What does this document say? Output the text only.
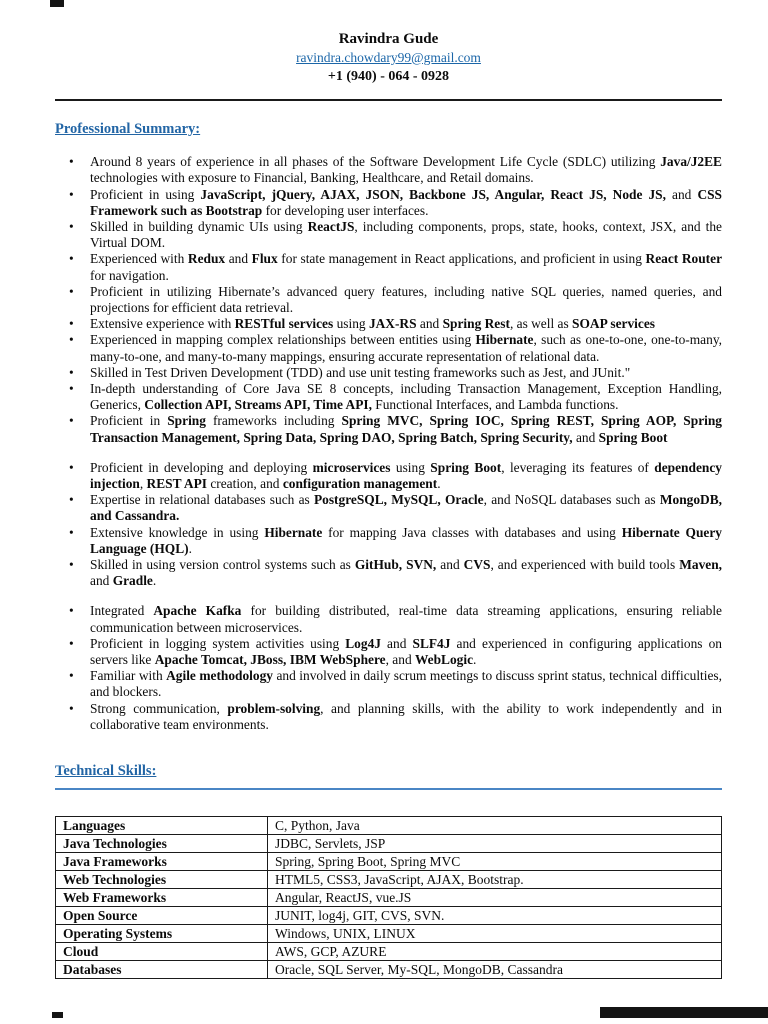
Ravindra Gude

ravindra.chowdary99@gmail.com

+1 (940) - 064 - 0928

Professional Summary:

• Around 8 years of experience in all phases of the Software Development Life Cycle (SDLC) utilizing Java/J2EE technologies with exposure to Financial, Banking, Healthcare, and Retail domains.
• Proficient in using JavaScript, jQuery, AJAX, JSON, Backbone JS, Angular, React JS, Node JS, and CSS Framework such as Bootstrap for developing user interfaces.
• Skilled in building dynamic UIs using ReactJS, including components, props, state, hooks, context, JSX, and the Virtual DOM.
• Experienced with Redux and Flux for state management in React applications, and proficient in using React Router for navigation.
• Proficient in utilizing Hibernate’s advanced query features, including native SQL queries, named queries, and projections for efficient data retrieval.
• Extensive experience with RESTful services using JAX-RS and Spring Rest, as well as SOAP services
• Experienced in mapping complex relationships between entities using Hibernate, such as one-to-one, one-to-many, many-to-one, and many-to-many mappings, ensuring accurate representation of relational data.
• Skilled in Test Driven Development (TDD) and use unit testing frameworks such as Jest, and JUnit."
• In-depth understanding of Core Java SE 8 concepts, including Transaction Management, Exception Handling, Generics, Collection API, Streams API, Time API, Functional Interfaces, and Lambda functions.
• Proficient in Spring frameworks including Spring MVC, Spring IOC, Spring REST, Spring AOP, Spring Transaction Management, Spring Data, Spring DAO, Spring Batch, Spring Security, and Spring Boot
• Proficient in developing and deploying microservices using Spring Boot, leveraging its features of dependency injection, REST API creation, and configuration management.
• Expertise in relational databases such as PostgreSQL, MySQL, Oracle, and NoSQL databases such as MongoDB, and Cassandra.
• Extensive knowledge in using Hibernate for mapping Java classes with databases and using Hibernate Query Language (HQL).
• Skilled in using version control systems such as GitHub, SVN, and CVS, and experienced with build tools Maven, and Gradle.
• Integrated Apache Kafka for building distributed, real-time data streaming applications, ensuring reliable communication between microservices.
• Proficient in logging system activities using Log4J and SLF4J and experienced in configuring applications on servers like Apache Tomcat, JBoss, IBM WebSphere, and WebLogic.
• Familiar with Agile methodology and involved in daily scrum meetings to discuss sprint status, technical difficulties, and blockers.
• Strong communication, problem-solving, and planning skills, with the ability to work independently and in collaborative team environments.

Technical Skills:

Languages	C, Python, Java
Java Technologies	JDBC, Servlets, JSP
Java Frameworks	Spring, Spring Boot, Spring MVC
Web Technologies	HTML5, CSS3, JavaScript, AJAX, Bootstrap.
Web Frameworks	Angular, ReactJS, vue.JS
Open Source	JUNIT, log4j, GIT, CVS, SVN.
Operating Systems	Windows, UNIX, LINUX
Cloud	AWS, GCP, AZURE
Databases	Oracle, SQL Server, My-SQL, MongoDB, Cassandra
